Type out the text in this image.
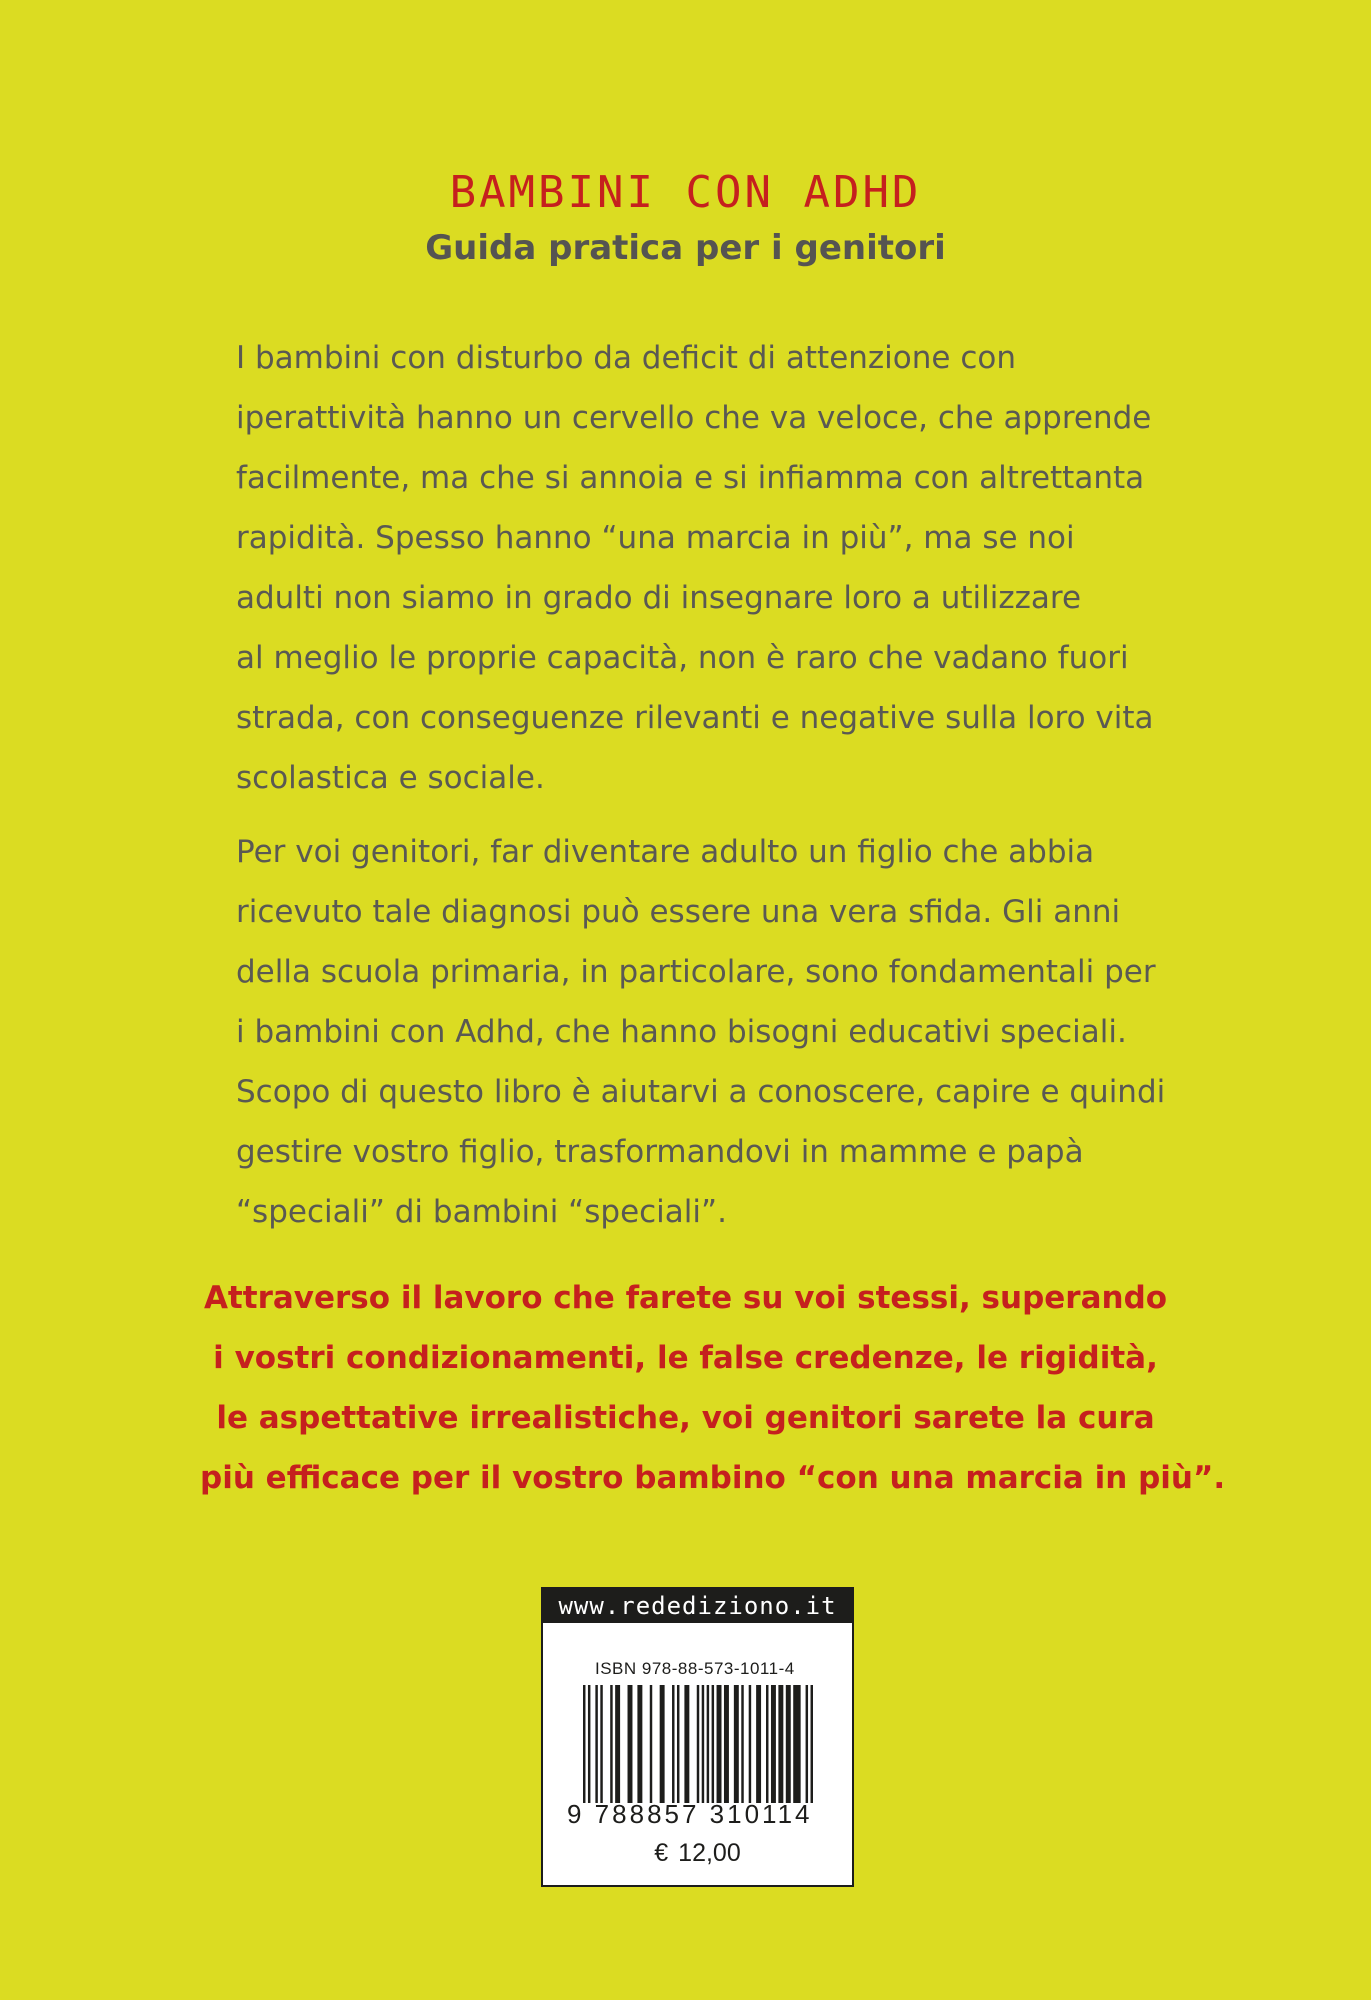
BAMBINI CON ADHD
Guida pratica per i genitori

I bambini con disturbo da deficit di attenzione con
iperattività hanno un cervello che va veloce, che apprende
facilmente, ma che si annoia e si infiamma con altrettanta
rapidità. Spesso hanno “una marcia in più”, ma se noi
adulti non siamo in grado di insegnare loro a utilizzare
al meglio le proprie capacità, non è raro che vadano fuori
strada, con conseguenze rilevanti e negative sulla loro vita
scolastica e sociale.

Per voi genitori, far diventare adulto un figlio che abbia
ricevuto tale diagnosi può essere una vera sfida. Gli anni
della scuola primaria, in particolare, sono fondamentali per
i bambini con Adhd, che hanno bisogni educativi speciali.
Scopo di questo libro è aiutarvi a conoscere, capire e quindi
gestire vostro figlio, trasformandovi in mamme e papà
“speciali” di bambini “speciali”.

Attraverso il lavoro che farete su voi stessi, superando
i vostri condizionamenti, le false credenze, le rigidità,
le aspettative irrealistiche, voi genitori sarete la cura
più efficace per il vostro bambino “con una marcia in più”.

www.redediziono.it
ISBN 978-88-573-1011-4
9 788857 310114
€ 12,00
